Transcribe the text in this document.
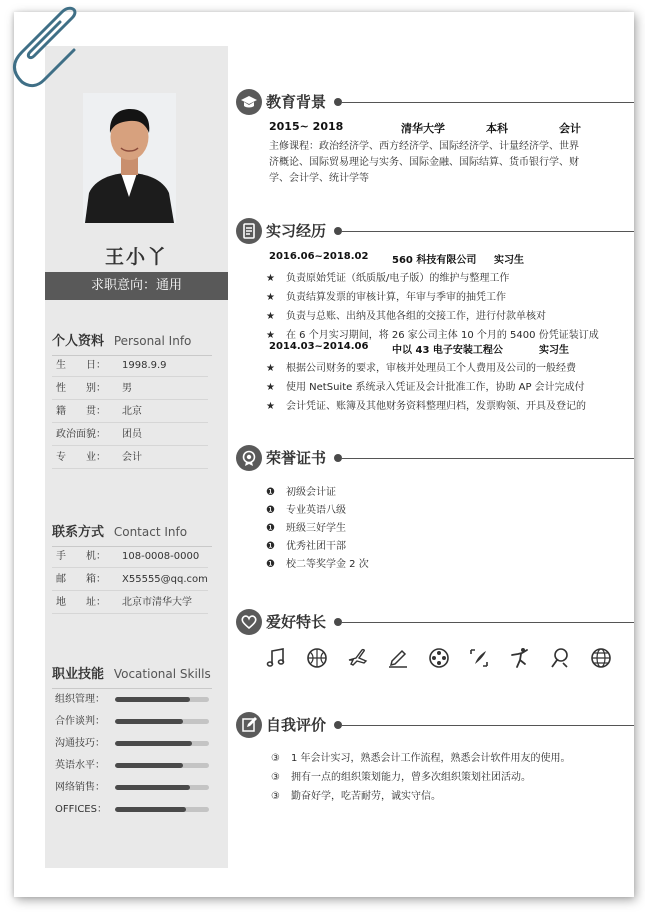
王小丫
求职意向：通用
个人资料 Personal Info
生　　日： 1998.9.9
性　　别： 男
籍　　贯： 北京
政治面貌： 团员
专　　业： 会计
联系方式 Contact Info
手　　机： 108-0008-0000
邮　　箱： X55555@qq.com
地　　址： 北京市清华大学
职业技能 Vocational Skills
组织管理：
合作谈判：
沟通技巧：
英语水平：
网络销售：
OFFICES：
教育背景
2015~ 2018	清华大学	本科	会计
主修课程：政治经济学、西方经济学、国际经济学、计量经济学、世界
济概论、国际贸易理论与实务、国际金融、国际结算、货币银行学、财
学、会计学、统计学等
实习经历
2016.06~2018.02 560 科技有限公司 实习生
★ 负责原始凭证（纸质版/电子版）的维护与整理工作
★ 负责结算发票的审核计算，年审与季审的抽凭工作
★ 负责与总账、出纳及其他各组的交接工作，进行付款单核对
★ 在 6 个月实习期间，将 26 家公司主体 10 个月的 5400 份凭证装订成
2014.03~2014.06 中以 43 电子安装工程公	实习生
★ 根据公司财务的要求，审核并处理员工个人费用及公司的一般经费
★ 使用 NetSuite 系统录入凭证及会计批准工作，协助 AP 会计完成付
★ 会计凭证、账簿及其他财务资料整理归档，发票购领、开具及登记的
荣誉证书
❶ 初级会计证
❶ 专业英语八级
❶ 班级三好学生
❶ 优秀社团干部
❶ 校二等奖学金 2 次
爱好特长
自我评价
③ 1 年会计实习，熟悉会计工作流程，熟悉会计软件用友的使用。
③ 拥有一点的组织策划能力，曾多次组织策划社团活动。
③ 勤奋好学，吃苦耐劳，诚实守信。
